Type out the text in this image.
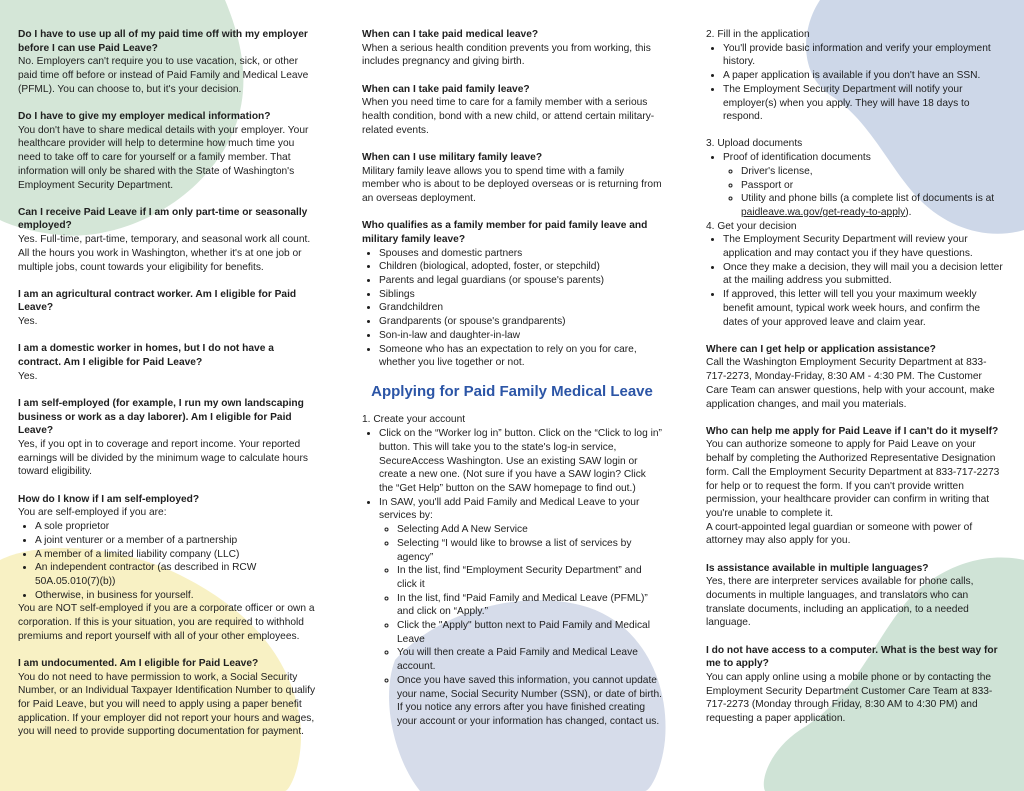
Do I have to use up all of my paid time off with my employer before I can use Paid Leave?

No. Employers can't require you to use vacation, sick, or other paid time off before or instead of Paid Family and Medical Leave (PFML). You can choose to, but it's your decision.

Do I have to give my employer medical information?

You don't have to share medical details with your employer. Your healthcare provider will help to determine how much time you need to take off to care for yourself or a family member. That information will only be shared with the State of Washington's Employment Security Department.

Can I receive Paid Leave if I am only part-time or seasonally employed?

Yes. Full-time, part-time, temporary, and seasonal work all count. All the hours you work in Washington, whether it's at one job or multiple jobs, count towards your eligibility for benefits.

I am an agricultural contract worker. Am I eligible for Paid Leave?

Yes.

I am a domestic worker in homes, but I do not have a contract. Am I eligible for Paid Leave?

Yes.

I am self-employed (for example, I run my own landscaping business or work as a day laborer). Am I eligible for Paid Leave?

Yes, if you opt in to coverage and report income. Your reported earnings will be divided by the minimum wage to calculate hours toward eligibility.

How do I know if I am self-employed?

You are self-employed if you are:

• A sole proprietor
• A joint venturer or a member of a partnership
• A member of a limited liability company (LLC)
• An independent contractor (as described in RCW 50A.05.010(7)(b))
• Otherwise, in business for yourself.

You are NOT self-employed if you are a corporate officer or own a corporation. If this is your situation, you are required to withhold premiums and report yourself with all of your other employees.

I am undocumented. Am I eligible for Paid Leave?

You do not need to have permission to work, a Social Security Number, or an Individual Taxpayer Identification Number to qualify for Paid Leave, but you will need to apply using a paper benefit application. If your employer did not report your hours and wages, you will need to provide supporting documentation for payment.

When can I take paid medical leave?

When a serious health condition prevents you from working, this includes pregnancy and giving birth.

When can I take paid family leave?

When you need time to care for a family member with a serious health condition, bond with a new child, or attend certain military-related events.

When can I use military family leave?

Military family leave allows you to spend time with a family member who is about to be deployed overseas or is returning from an overseas deployment.

Who qualifies as a family member for paid family leave and military family leave?

• Spouses and domestic partners
• Children (biological, adopted, foster, or stepchild)
• Parents and legal guardians (or spouse's parents)
• Siblings
• Grandchildren
• Grandparents (or spouse's grandparents)
• Son-in-law and daughter-in-law
• Someone who has an expectation to rely on you for care, whether you live together or not.
Applying for Paid Family Medical Leave

1. Create your account

• Click on the “Worker log in” button. Click on the “Click to log in” button. This will take you to the state's log-in service, SecureAccess Washington. Use an existing SAW login or create a new one. (Not sure if you have a SAW login? Click the “Get Help” button on the SAW homepage to find out.)
• In SAW, you'll add Paid Family and Medical Leave to your services by:
◦ Selecting Add A New Service
◦ Selecting “I would like to browse a list of services by agency”
◦ In the list, find “Employment Security Department” and click it
◦ In the list, find “Paid Family and Medical Leave (PFML)” and click on “Apply.”
◦ Click the "Apply" button next to Paid Family and Medical Leave
◦ You will then create a Paid Family and Medical Leave account.
◦ Once you have saved this information, you cannot update your name, Social Security Number (SSN), or date of birth. If you notice any errors after you have finished creating your account or your information has changed, contact us.

2. Fill in the application

• You'll provide basic information and verify your employment history.
• A paper application is available if you don't have an SSN.
• The Employment Security Department will notify your employer(s) when you apply. They will have 18 days to respond.

3. Upload documents

• Proof of identification documents
◦ Driver's license,
◦ Passport or
◦ Utility and phone bills (a complete list of documents is at paidleave.wa.gov/get-ready-to-apply).

4. Get your decision

• The Employment Security Department will review your application and may contact you if they have questions.
• Once they make a decision, they will mail you a decision letter at the mailing address you submitted.
• If approved, this letter will tell you your maximum weekly benefit amount, typical work week hours, and confirm the dates of your approved leave and claim year.

Where can I get help or application assistance?

Call the Washington Employment Security Department at 833-717-2273, Monday-Friday, 8:30 AM - 4:30 PM. The Customer Care Team can answer questions, help with your account, make application changes, and mail you materials.

Who can help me apply for Paid Leave if I can't do it myself?

You can authorize someone to apply for Paid Leave on your behalf by completing the Authorized Representative Designation form. Call the Employment Security Department at 833-717-2273 for help or to request the form. If you can't provide written permission, your healthcare provider can confirm in writing that you're unable to complete it.

A court-appointed legal guardian or someone with power of attorney may also apply for you.

Is assistance available in multiple languages?

Yes, there are interpreter services available for phone calls, documents in multiple languages, and translators who can translate documents, including an application, to a needed language.

I do not have access to a computer. What is the best way for me to apply?

You can apply online using a mobile phone or by contacting the Employment Security Department Customer Care Team at 833-717-2273 (Monday through Friday, 8:30 AM to 4:30 PM) and requesting a paper application.
